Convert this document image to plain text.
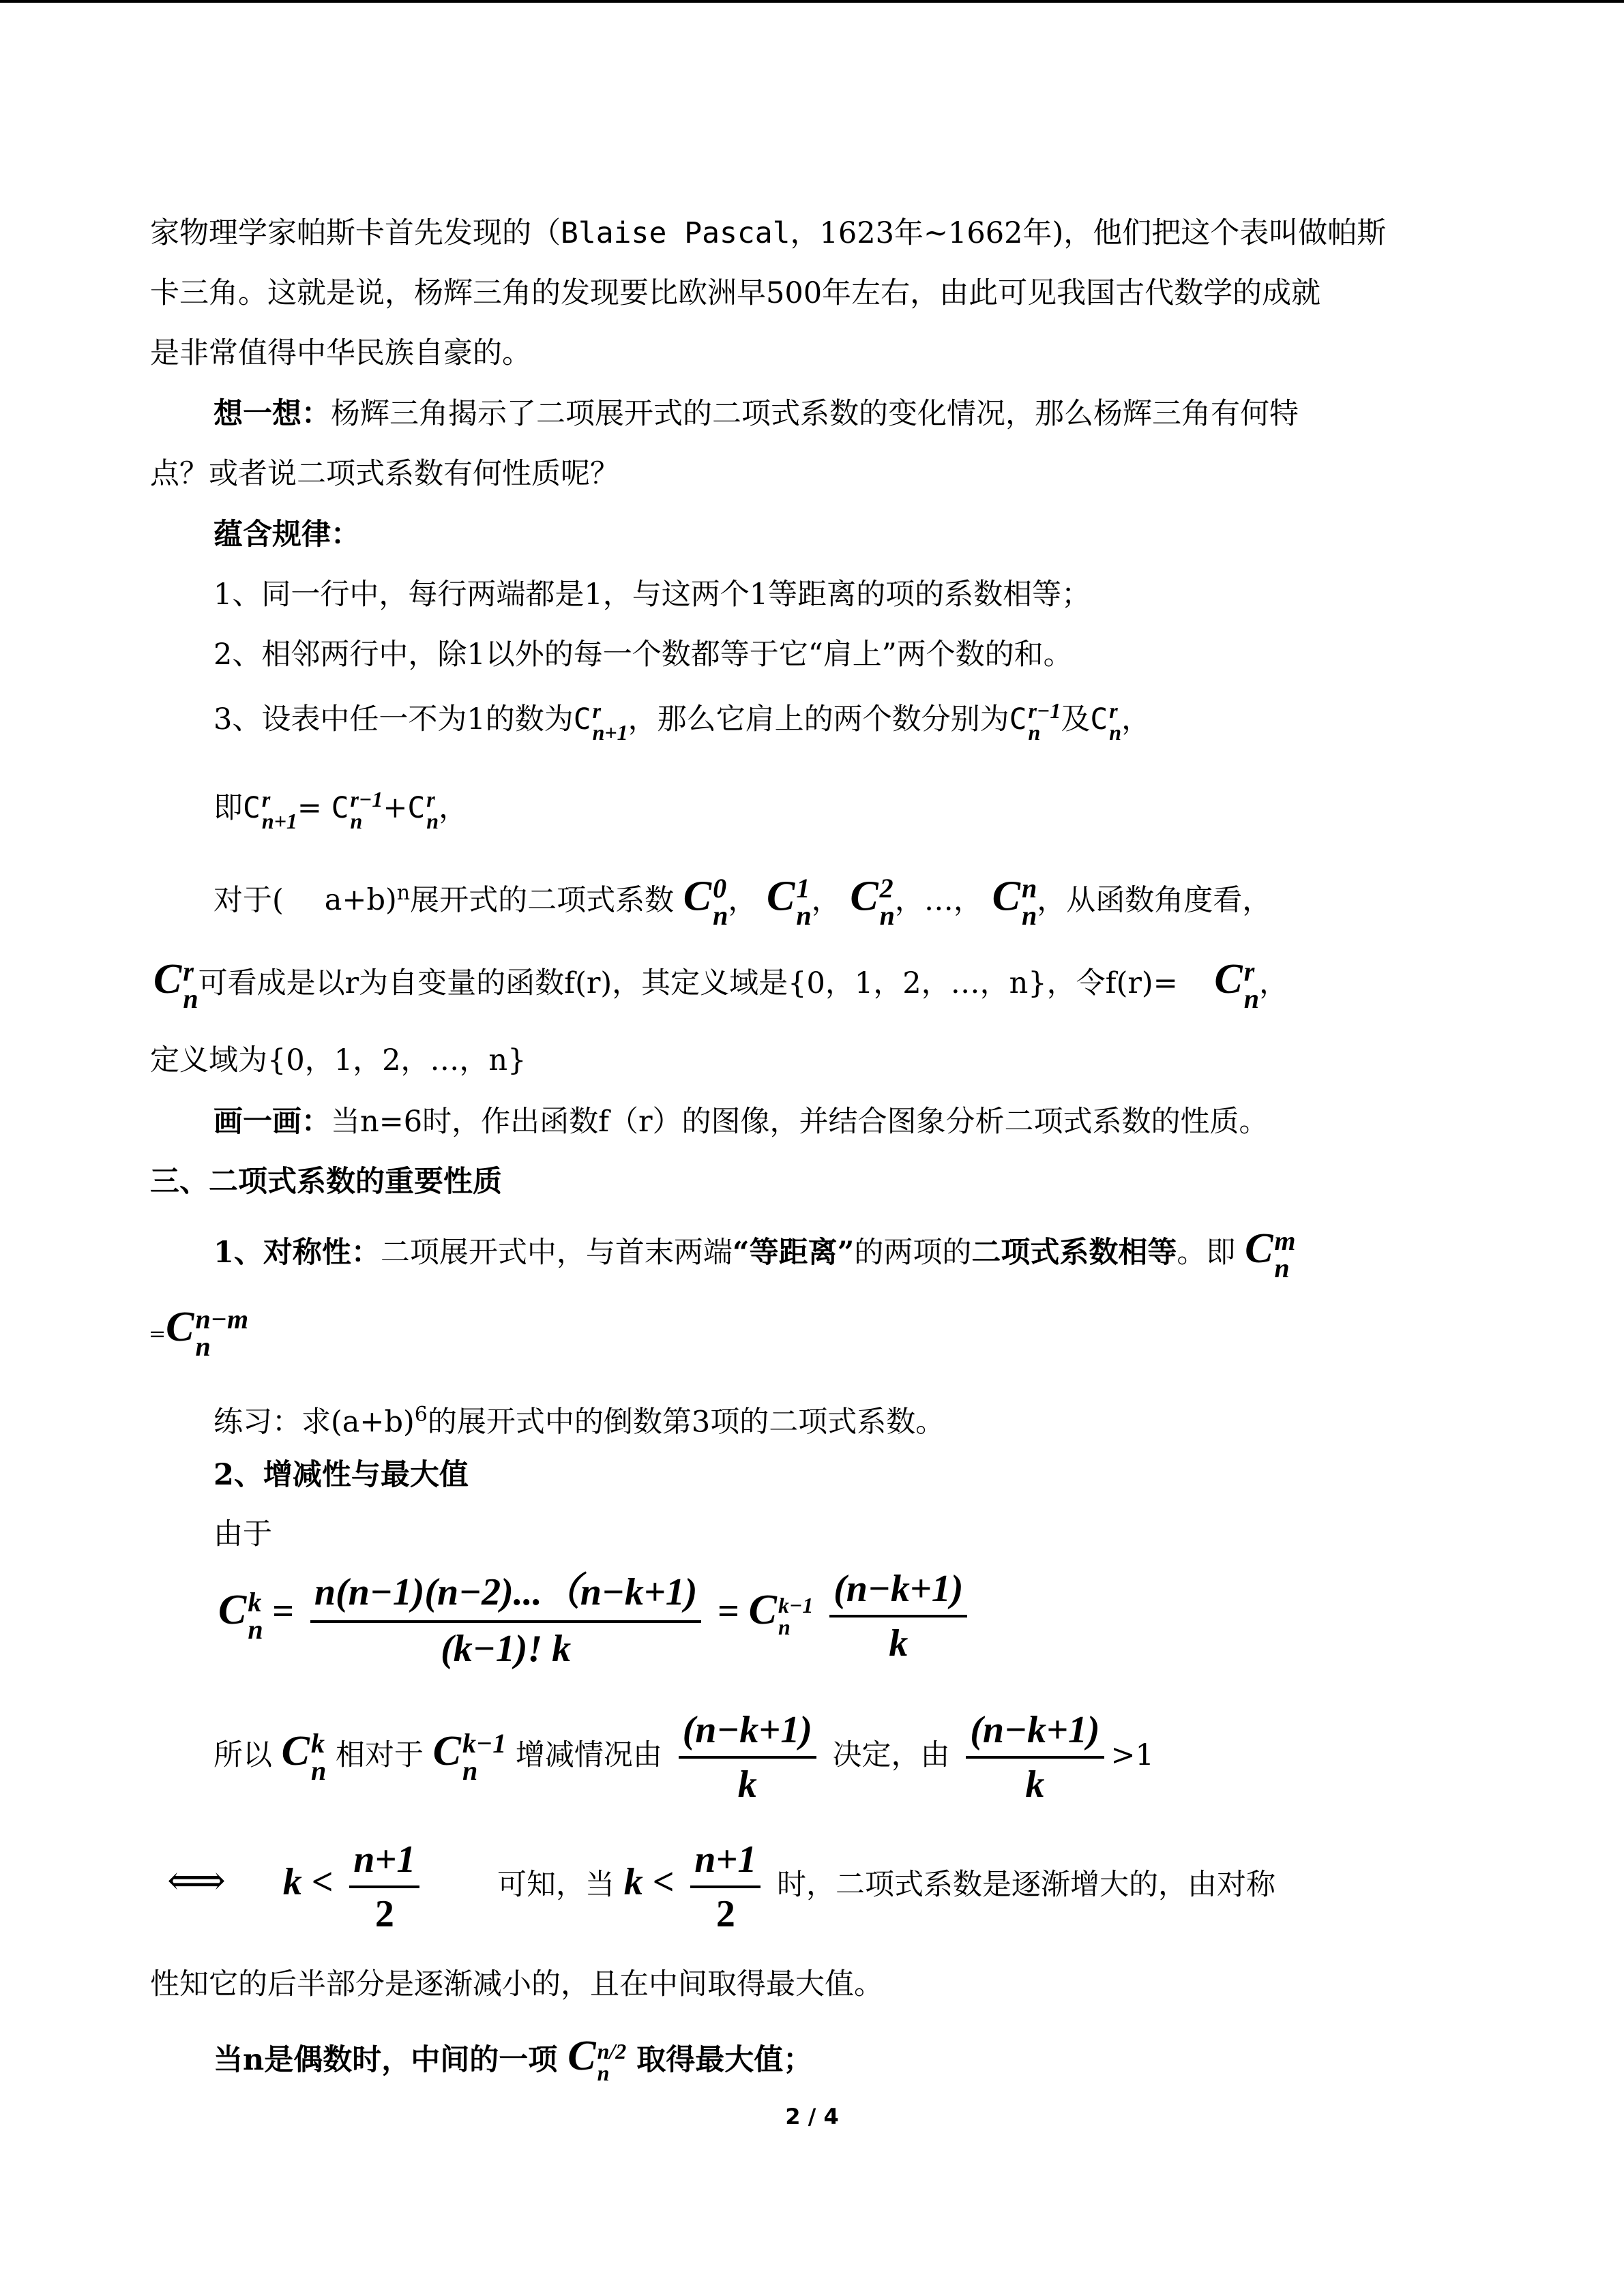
家物理学家帕斯卡首先发现的（Blaise Pascal，1623年~1662年)，他们把这个表叫做帕斯
卡三角。这就是说，杨辉三角的发现要比欧洲早500年左右，由此可见我国古代数学的成就
是非常值得中华民族自豪的。
想一想：杨辉三角揭示了二项展开式的二项式系数的变化情况，那么杨辉三角有何特
点？或者说二项式系数有何性质呢？
蕴含规律：
1、同一行中，每行两端都是1，与这两个1等距离的项的系数相等；
2、相邻两行中，除1以外的每一个数都等于它“肩上”两个数的和。
3、设表中任一不为1的数为C r
n+1 ，那么它肩上的两个数分别为C r−1
n 及C r
n ，
即C r
n+1 = C r−1
n +C r
n ，
对于( a+b)$^n$展开式的二项式系数 C 0
n ， C 1
n ， C 2
n ，…， C n
n ，从函数角度看，
C r
n 可看成是以r为自变量的函数f(r)，其定义域是{0，1，2，…，n}，令f(r)= C r
n ，
定义域为{0，1，2，…，n}
画一画：当n=6时，作出函数f（r）的图像，并结合图象分析二项式系数的性质。
三、二项式系数的重要性质
1、对称性：二项展开式中，与首末两端“等距离”的两项的二项式系数相等。即 C m
n
=C n−m
n
练习：求$(a+b)^6$的展开式中的倒数第3项的二项式系数。
2、增减性与最大值
由于
C k
$n = \frac{n(n-1)(n-2)...(n-k+1)}{(k-1)! k} = C$ k−1
n
	$\frac{(n-k+1)}{k}$
所以 C k
n 相对于 C k−1
n	增减情况由 $\frac{(n-k+1)}{k}$ 决定，由 $\frac{(n-k+1)}{k} >1$
⟺ $k < \frac{n+1}{2}$	可知，当 $k < \frac{n+1}{2}$ 时，二项式系数是逐渐增大的，由对称
性知它的后半部分是逐渐减小的，且在中间取得最大值。
当n是偶数时，中间的一项 C n/2
n 取得最大值；
2 / 4
